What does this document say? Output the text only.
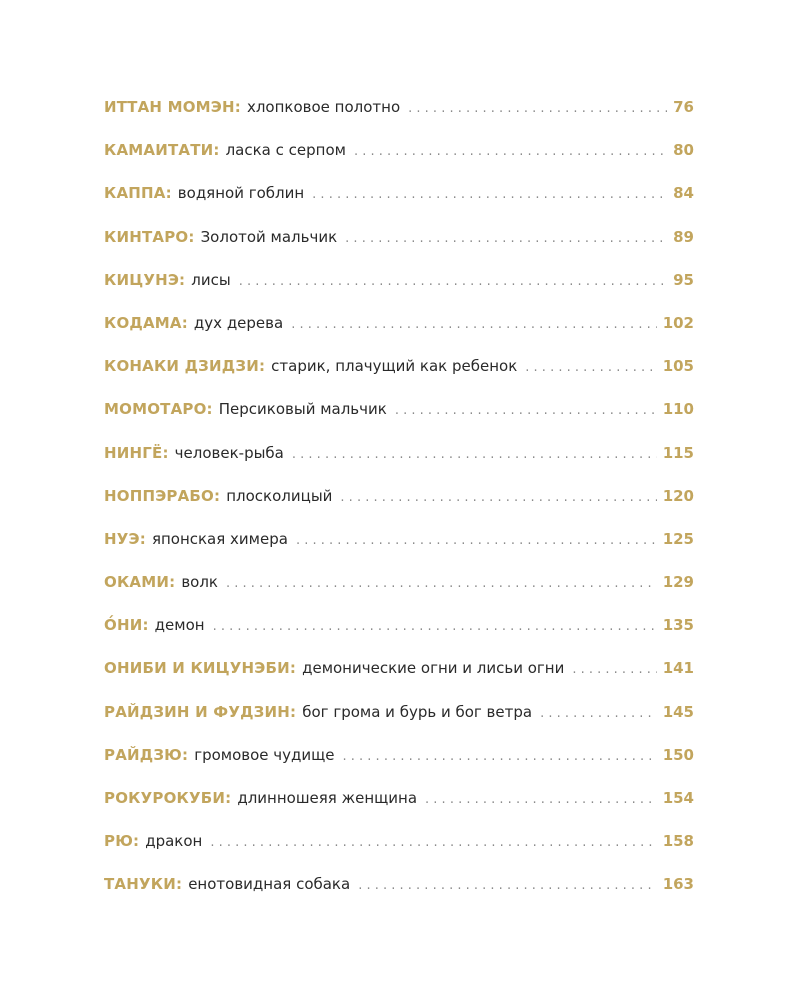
ИТТАН МОМЭН: хлопковое полотно . . .	76
КАМАИТАТИ: ласка с серпом . . .	80
КАППА: водяной гоблин . . .	84
КИНТАРО: Золотой мальчик . . .	89
КИЦУНЭ: лисы . . .	95
КОДАМА: дух дерева . . .	102
КОНАКИ ДЗИДЗИ: старик, плачущий как ребенок . . .	105
МОМОТАРО: Персиковый мальчик . . .	110
НИНГЁ: человек-рыба . . .	115
НОППЭРАБО: плосколицый . . .	120
НУЭ: японская химера . . .	125
ОКАМИ: волк . . .	129
О́НИ: демон . . .	135
ОНИБИ И КИЦУНЭБИ: демонические огни и лисьи огни . . .	141
РАЙДЗИН И ФУДЗИН: бог грома и бурь и бог ветра . . .	145
РАЙДЗЮ: громовое чудище . . .	150
РОКУРОКУБИ: длинношеяя женщина . . .	154
РЮ: дракон . . .	158
ТАНУКИ: енотовидная собака . . .	163
